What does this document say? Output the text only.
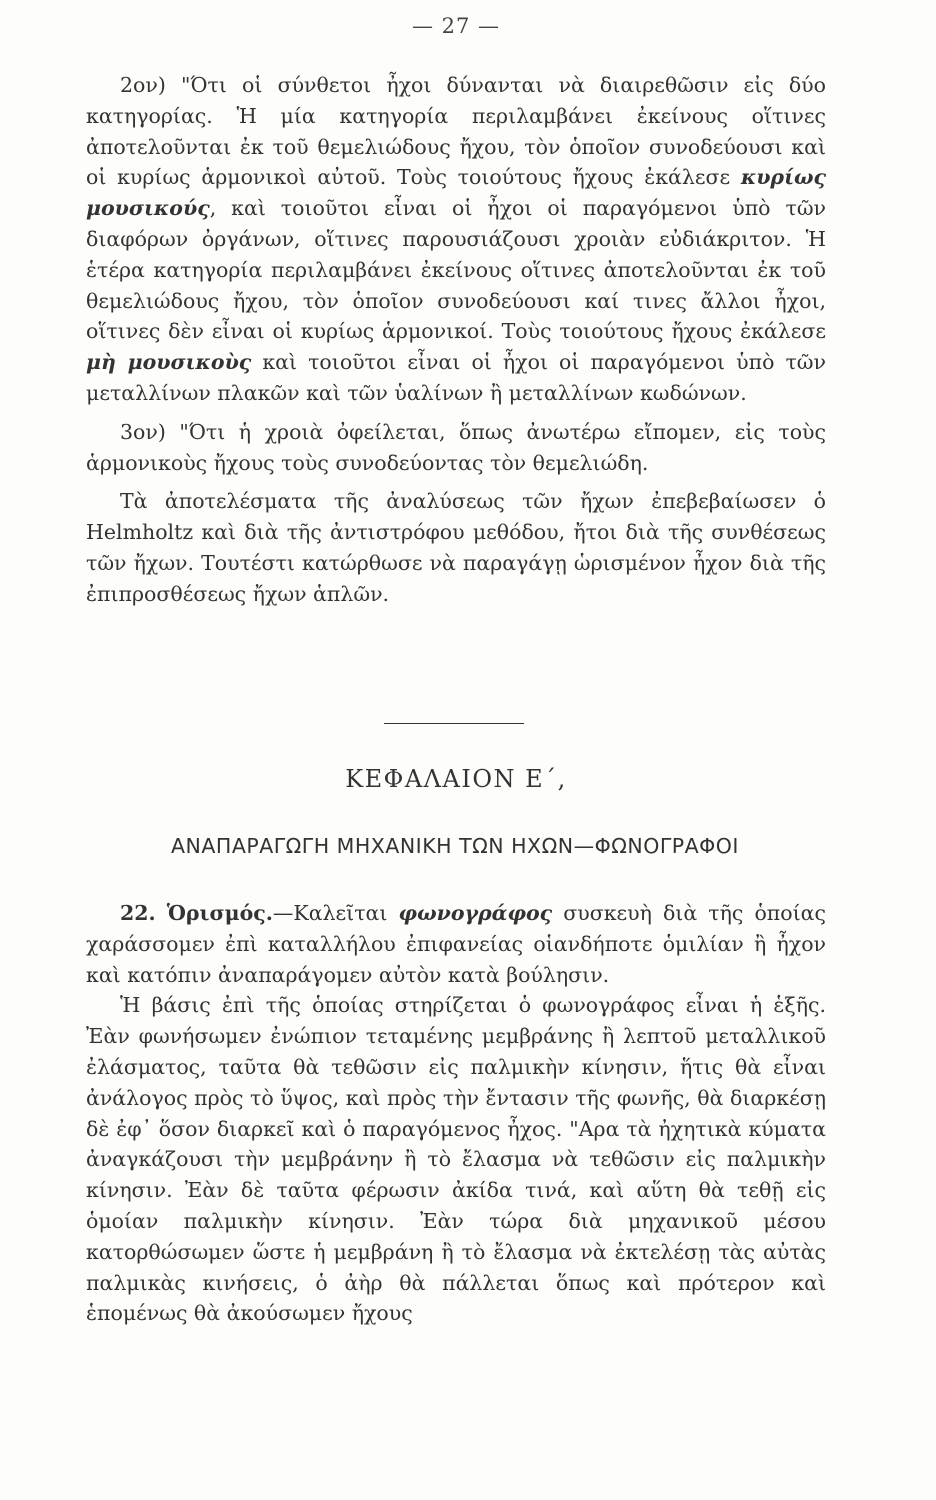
— 27 —

2ον) "Ότι οἱ σύνθετοι ἦχοι δύνανται νὰ διαιρεθῶσιν εἰς δύο κατηγορίας. Ἡ μία κατηγορία περιλαμβάνει ἐκείνους οἵτινες ἀποτελοῦνται ἐκ τοῦ θεμελιώδους ἤχου, τὸν ὁποῖον συνοδεύουσι καὶ οἱ κυρίως ἁρμονικοὶ αὐτοῦ. Τοὺς τοιούτους ἤχους ἐκάλεσε κυρίως μουσικούς, καὶ τοιοῦτοι εἶναι οἱ ἦχοι οἱ παραγόμενοι ὑπὸ τῶν διαφόρων ὀργάνων, οἵτινες παρουσιάζουσι χροιὰν εὐδιάκριτον. Ἡ ἑτέρα κατηγορία περιλαμβάνει ἐκείνους οἵτινες ἀποτελοῦνται ἐκ τοῦ θεμελιώδους ἤχου, τὸν ὁποῖον συνοδεύουσι καί τινες ἄλλοι ἦχοι, οἵτινες δὲν εἶναι οἱ κυρίως ἁρμονικοί. Τοὺς τοιούτους ἤχους ἐκάλεσε μὴ μουσικοὺς καὶ τοιοῦτοι εἶναι οἱ ἦχοι οἱ παραγόμενοι ὑπὸ τῶν μεταλλίνων πλακῶν καὶ τῶν ὑαλίνων ἢ μεταλλίνων κωδώνων.

3ον) "Ότι ἡ χροιὰ ὀφείλεται, ὅπως ἀνωτέρω εἴπομεν, εἰς τοὺς ἁρμονικοὺς ἤχους τοὺς συνοδεύοντας τὸν θεμελιώδη.

Τὰ ἀποτελέσματα τῆς ἀναλύσεως τῶν ἤχων ἐπεβεβαίωσεν ὁ Helmholtz καὶ διὰ τῆς ἀντιστρόφου μεθόδου, ἤτοι διὰ τῆς συνθέσεως τῶν ἤχων. Τουτέστι κατώρθωσε νὰ παραγάγῃ ὡρισμένον ἦχον διὰ τῆς ἐπιπροσθέσεως ἤχων ἁπλῶν.

ΚΕΦΑΛΑΙΟΝ Ε΄,
ΑΝΑΠΑΡΑΓΩΓΗ ΜΗΧΑΝΙΚΗ ΤΩΝ ΗΧΩΝ—ΦΩΝΟΓΡΑΦΟΙ

22. Ὁρισμός.—Καλεῖται φωνογράφος συσκευὴ διὰ τῆς ὁποίας χαράσσομεν ἐπὶ καταλλήλου ἐπιφανείας οἱανδήποτε ὁμιλίαν ἢ ἦχον καὶ κατόπιν ἀναπαράγομεν αὐτὸν κατὰ βούλησιν.

Ἡ βάσις ἐπὶ τῆς ὁποίας στηρίζεται ὁ φωνογράφος εἶναι ἡ ἑξῆς. Ἐὰν φωνήσωμεν ἐνώπιον τεταμένης μεμβράνης ἢ λεπτοῦ μεταλλικοῦ ἐλάσματος, ταῦτα θὰ τεθῶσιν εἰς παλμικὴν κίνησιν, ἥτις θὰ εἶναι ἀνάλογος πρὸς τὸ ὕψος, καὶ πρὸς τὴν ἔντασιν τῆς φωνῆς, θὰ διαρκέσῃ δὲ ἐφ᾽ ὅσον διαρκεῖ καὶ ὁ παραγόμενος ἦχος. "Αρα τὰ ἠχητικὰ κύματα ἀναγκάζουσι τὴν μεμβράνην ἢ τὸ ἔλασμα νὰ τεθῶσιν εἰς παλμικὴν κίνησιν. Ἐὰν δὲ ταῦτα φέρωσιν ἀκίδα τινά, καὶ αὕτη θὰ τεθῇ εἰς ὁμοίαν παλμικὴν κίνησιν. Ἐὰν τώρα διὰ μηχανικοῦ μέσου κατορθώσωμεν ὥστε ἡ μεμβράνη ἢ τὸ ἔλασμα νὰ ἐκτελέσῃ τὰς αὐτὰς παλμικὰς κινήσεις, ὁ ἀὴρ θὰ πάλλεται ὅπως καὶ πρότερον καὶ ἑπομένως θὰ ἀκούσωμεν ἤχους
